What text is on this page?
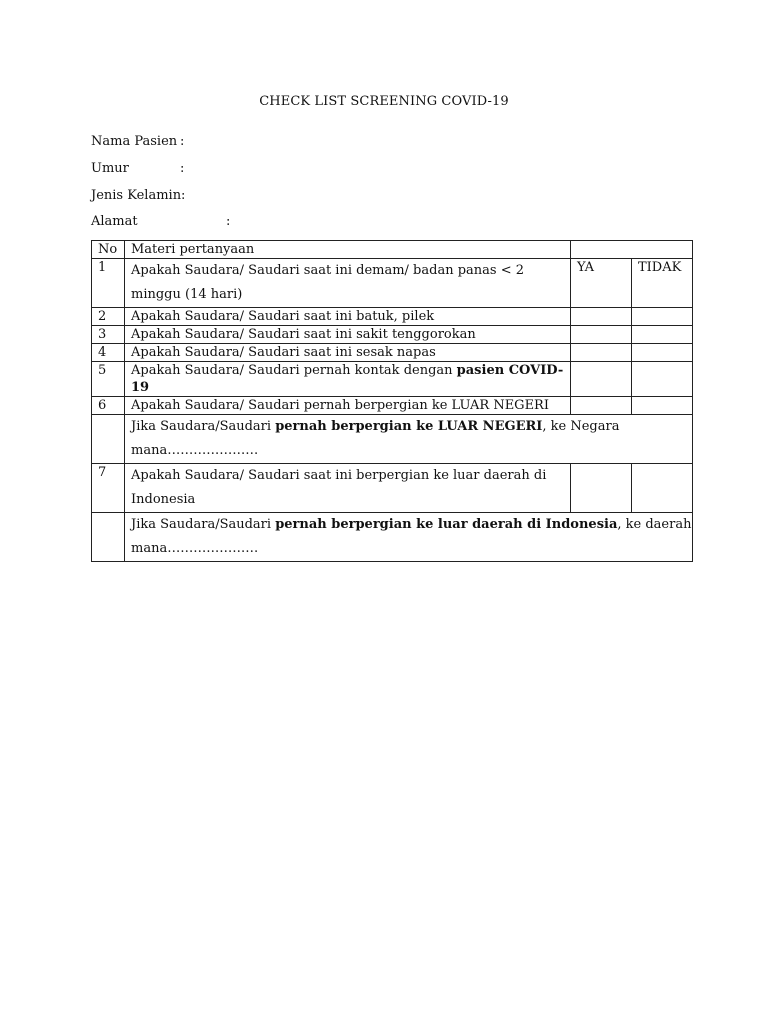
CHECK LIST SCREENING COVID-19
Nama Pasien :
Umur	:
Jenis Kelamin :
Alamat	:
No	Materi pertanyaan		
1	Apakah Saudara/ Saudari saat ini demam/ badan panas < 2 minggu (14 hari)	YA	TIDAK
2	Apakah Saudara/ Saudari saat ini batuk, pilek		
3	Apakah Saudara/ Saudari saat ini sakit tenggorokan		
4	Apakah Saudara/ Saudari saat ini sesak napas		
5	Apakah Saudara/ Saudari pernah kontak dengan pasien COVID-19		
6	Apakah Saudara/ Saudari pernah berpergian ke LUAR NEGERI		
	Jika Saudara/Saudari pernah berpergian ke LUAR NEGERI, ke Negara mana…………………		
7	Apakah Saudara/ Saudari saat ini berpergian ke luar daerah di Indonesia		
	Jika Saudara/Saudari pernah berpergian ke luar daerah di Indonesia, ke daerah mana…………………		
